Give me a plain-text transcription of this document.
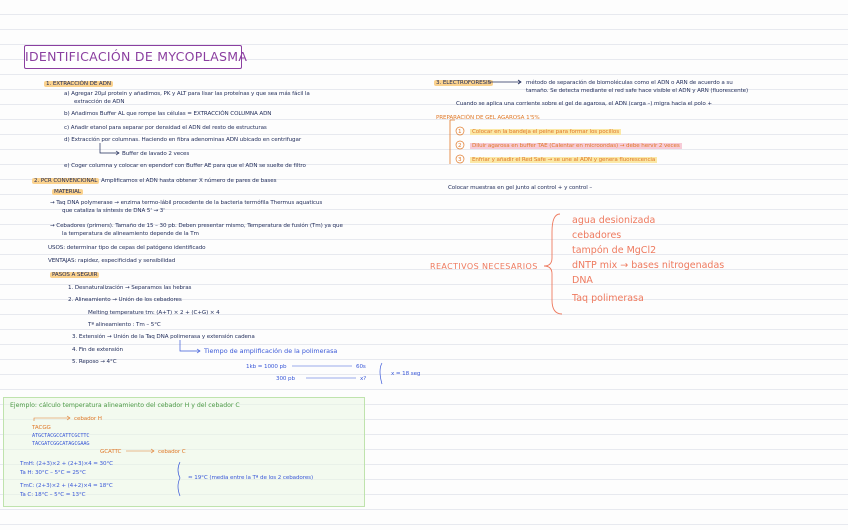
IDENTIFICACIÓN DE MYCOPLASMA
1. EXTRACCIÓN DE ADN
a) Agregar 20µl protein y añadimos, PK y ALT para lisar las proteínas y que sea más fácil la
extracción de ADN
b) Añadimos Buffer AL que rompe las células = EXTRACCIÓN COLUMNA ADN
c) Añadir etanol para separar por densidad el ADN del resto de estructuras
d) Extracción por columnas. Haciendo en fibra adenominas ADN ubicado en centrifugar
Buffer de lavado 2 veces
e) Coger columna y colocar en ependorf con Buffer AE para que el ADN se suelte de filtro
2. PCR CONVENCIONAL Amplificamos el ADN hasta obtener X número de pares de bases
MATERIAL
→ Taq DNA polymerase → enzima termo-lábil procedente de la bacteria termófila Thermus aquaticus
que cataliza la síntesis de DNA 5' → 3'
→ Cebadores (primers). Tamaño de 15 – 30 pb. Deben presentar mismo, Temperatura de fusión (Tm) ya que
la temperatura de alineamiento depende de la Tm
USOS: determinar tipo de cepas del patógeno identificado
VENTAJAS: rapidez, especificidad y sensibilidad
PASOS A SEGUIR
1. Desnaturalización → Separamos las hebras
2. Alineamiento → Unión de los cebadores
Melting temperature tm: (A+T) × 2 + (C+G) × 4
Tª alineamiento : Tm – 5°C
3. Extensión → Unión de la Taq DNA polimerasa y extensión cadena
4. Fin de extensión
5. Reposo → 4°C
Tiempo de amplificación de la polimerasa
1kb = 1000 pb	60s
300 pb	x?
x = 18 seg
3. ELECTROFORESIS	método de separación de biomoléculas como el ADN o ARN de acuerdo a su
tamaño. Se detecta mediante el red safe hace visible el ADN y ARN (fluorescente)
Cuando se aplica una corriente sobre el gel de agarosa, el ADN (carga –) migra hacia el polo +
PREPARACIÓN DE GEL AGAROSA 1'5%
Colocar en la bandeja el peine para formar los pocillos
Diluir agarosa en buffer TAE (Calentar en microondas) → debe hervir 2 veces
Enfriar y añadir el Red Safe → se une al ADN y genera fluorescencia
1
2
3
Colocar muestras en gel junto al control + y control –
REACTIVOS NECESARIOS
agua desionizada
cebadores
tampón de MgCl2
dNTP mix → bases nitrogenadas
DNA
Taq polimerasa
Ejemplo: cálculo temperatura alineamiento del cebador H y del cebador C
cebador H
TACGG
ATGCTACGCCATTCGCTTC
TACGATCGGCATAGCGAAG
GCATTC	cebador C
TmH: (2+3)×2 + (2+3)×4 = 30°C
Ta H: 30°C – 5°C = 25°C
TmC: (2+3)×2 + (4+2)×4 = 18°C
Ta C: 18°C – 5°C = 13°C
≈ 19°C (media entre la Tª de los 2 cebadores)
